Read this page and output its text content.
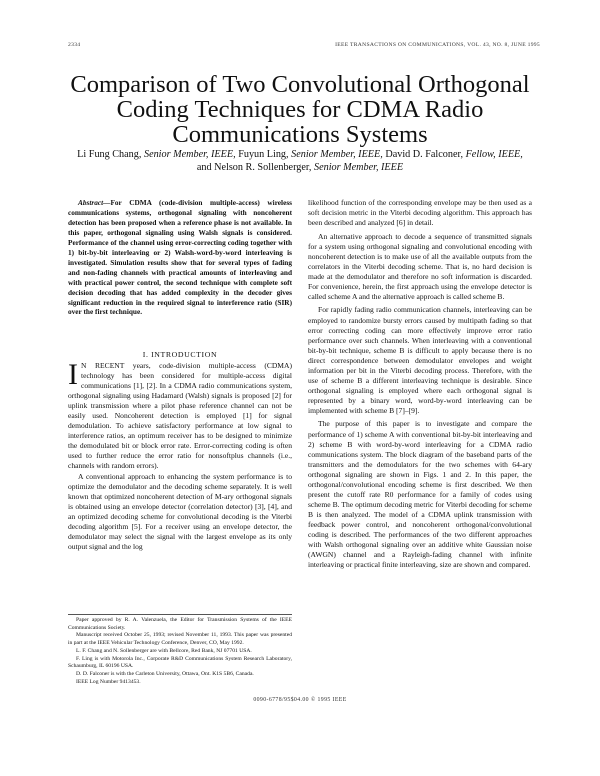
2334	IEEE TRANSACTIONS ON COMMUNICATIONS, VOL. 43, NO. 8, JUNE 1995
Comparison of Two Convolutional Orthogonal
Coding Techniques for CDMA Radio
Communications Systems
Li Fung Chang, Senior Member, IEEE, Fuyun Ling, Senior Member, IEEE, David D. Falconer, Fellow, IEEE,
and Nelson R. Sollenberger, Senior Member, IEEE

Abstract—For CDMA (code-division multiple-access) wireless communications systems, orthogonal signaling with noncoherent detection has been proposed when a reference phase is not available. In this paper, orthogonal signaling using Walsh signals is considered. Performance of the channel using error-correcting coding together with 1) bit-by-bit interleaving or 2) Walsh-word-by-word interleaving is investigated. Simulation results show that for several types of fading and non-fading channels with practical amounts of interleaving and with practical power control, the second technique with complete soft decision decoding that has added complexity in the decoder gives significant reduction in the required signal to interference ratio (SIR) over the first technique.

I. INTRODUCTION

I N RECENT years, code-division multiple-access (CDMA) technology has been considered for multiple-access digital communications [1], [2]. In a CDMA radio communications system, orthogonal signaling using Hadamard (Walsh) signals is proposed [2] for uplink transmission where a pilot phase reference channel can not be easily used. Noncoherent detection is employed [1] for signal demodulation. To achieve satisfactory performance at low signal to interference ratios, an optimum receiver has to be designed to minimize the demodulated bit or block error rate. Error-correcting coding is often used to further reduce the error ratio for nonsoftplus channels (i.e., channels with random errors).

A conventional approach to enhancing the system performance is to optimize the demodulator and the decoding scheme separately. It is well known that optimized noncoherent detection of M-ary orthogonal signals is obtained using an envelope detector (correlation detector) [3], [4], and an optimized decoding scheme for convolutional decoding is the Viterbi decoding algorithm [5]. For a receiver using an envelope detector, the demodulator may select the signal with the largest envelope as its only output signal and the log

Paper approved by R. A. Valenzuela, the Editor for Transmission Systems of the IEEE Communications Society.

Manuscript received October 25, 1993; revised November 11, 1993. This paper was presented in part at the IEEE Vehicular Technology Conference, Denver, CO, May 1992.

L. F. Chang and N. Sollenberger are with Bellcore, Red Bank, NJ 07701 USA.

F. Ling is with Motorola Inc., Corporate R&D Communications System Research Laboratory, Schaumburg, IL 60196 USA.

D. D. Falconer is with the Carleton University, Ottawa, Ont. K1S 5B6, Canada.

IEEE Log Number 9413453.

likelihood function of the corresponding envelope may be then used as a soft decision metric in the Viterbi decoding algorithm. This approach has been described and analyzed [6] in detail.

An alternative approach to decode a sequence of transmitted signals for a system using orthogonal signaling and convolutional encoding with noncoherent detection is to make use of all the available outputs from the correlators in the Viterbi decoding scheme. That is, no hard decision is made at the demodulator and therefore no soft information is discarded. For convenience, herein, the first approach using the envelope detector is called scheme A and the alternative approach is called scheme B.

For rapidly fading radio communication channels, interleaving can be employed to randomize bursty errors caused by multipath fading so that error correcting coding can more effectively improve error ratio performance over such channels. When interleaving with a conventional bit-by-bit technique, scheme B is difficult to apply because there is no direct correspondence between demodulator envelopes and weight information per bit in the Viterbi decoding process. Therefore, with the use of scheme B a different interleaving technique is desirable. Since orthogonal signaling is employed where each orthogonal signal is represented by a binary word, word-by-word interleaving can be implemented with scheme B [7]–[9].

The purpose of this paper is to investigate and compare the performance of 1) scheme A with conventional bit-by-bit interleaving and 2) scheme B with word-by-word interleaving for a CDMA radio communications system. The block diagram of the baseband parts of the transmitters and the demodulators for the two schemes with 64-ary orthogonal signaling are shown in Figs. 1 and 2. In this paper, the orthogonal/convolutional encoding scheme is first described. We then present the cutoff rate R0 performance for a family of codes using scheme B. The optimum decoding metric for Viterbi decoding for scheme B is then analyzed. The model of a CDMA uplink transmission with feedback power control, and noncoherent orthogonal/convolutional coding is described. The performances of the two different approaches with Walsh orthogonal signaling over an additive white Gaussian noise (AWGN) channel and a Rayleigh-fading channel with infinite interleaving or practical finite interleaving, size are shown and compared.

0090-6778/95$04.00 © 1995 IEEE
